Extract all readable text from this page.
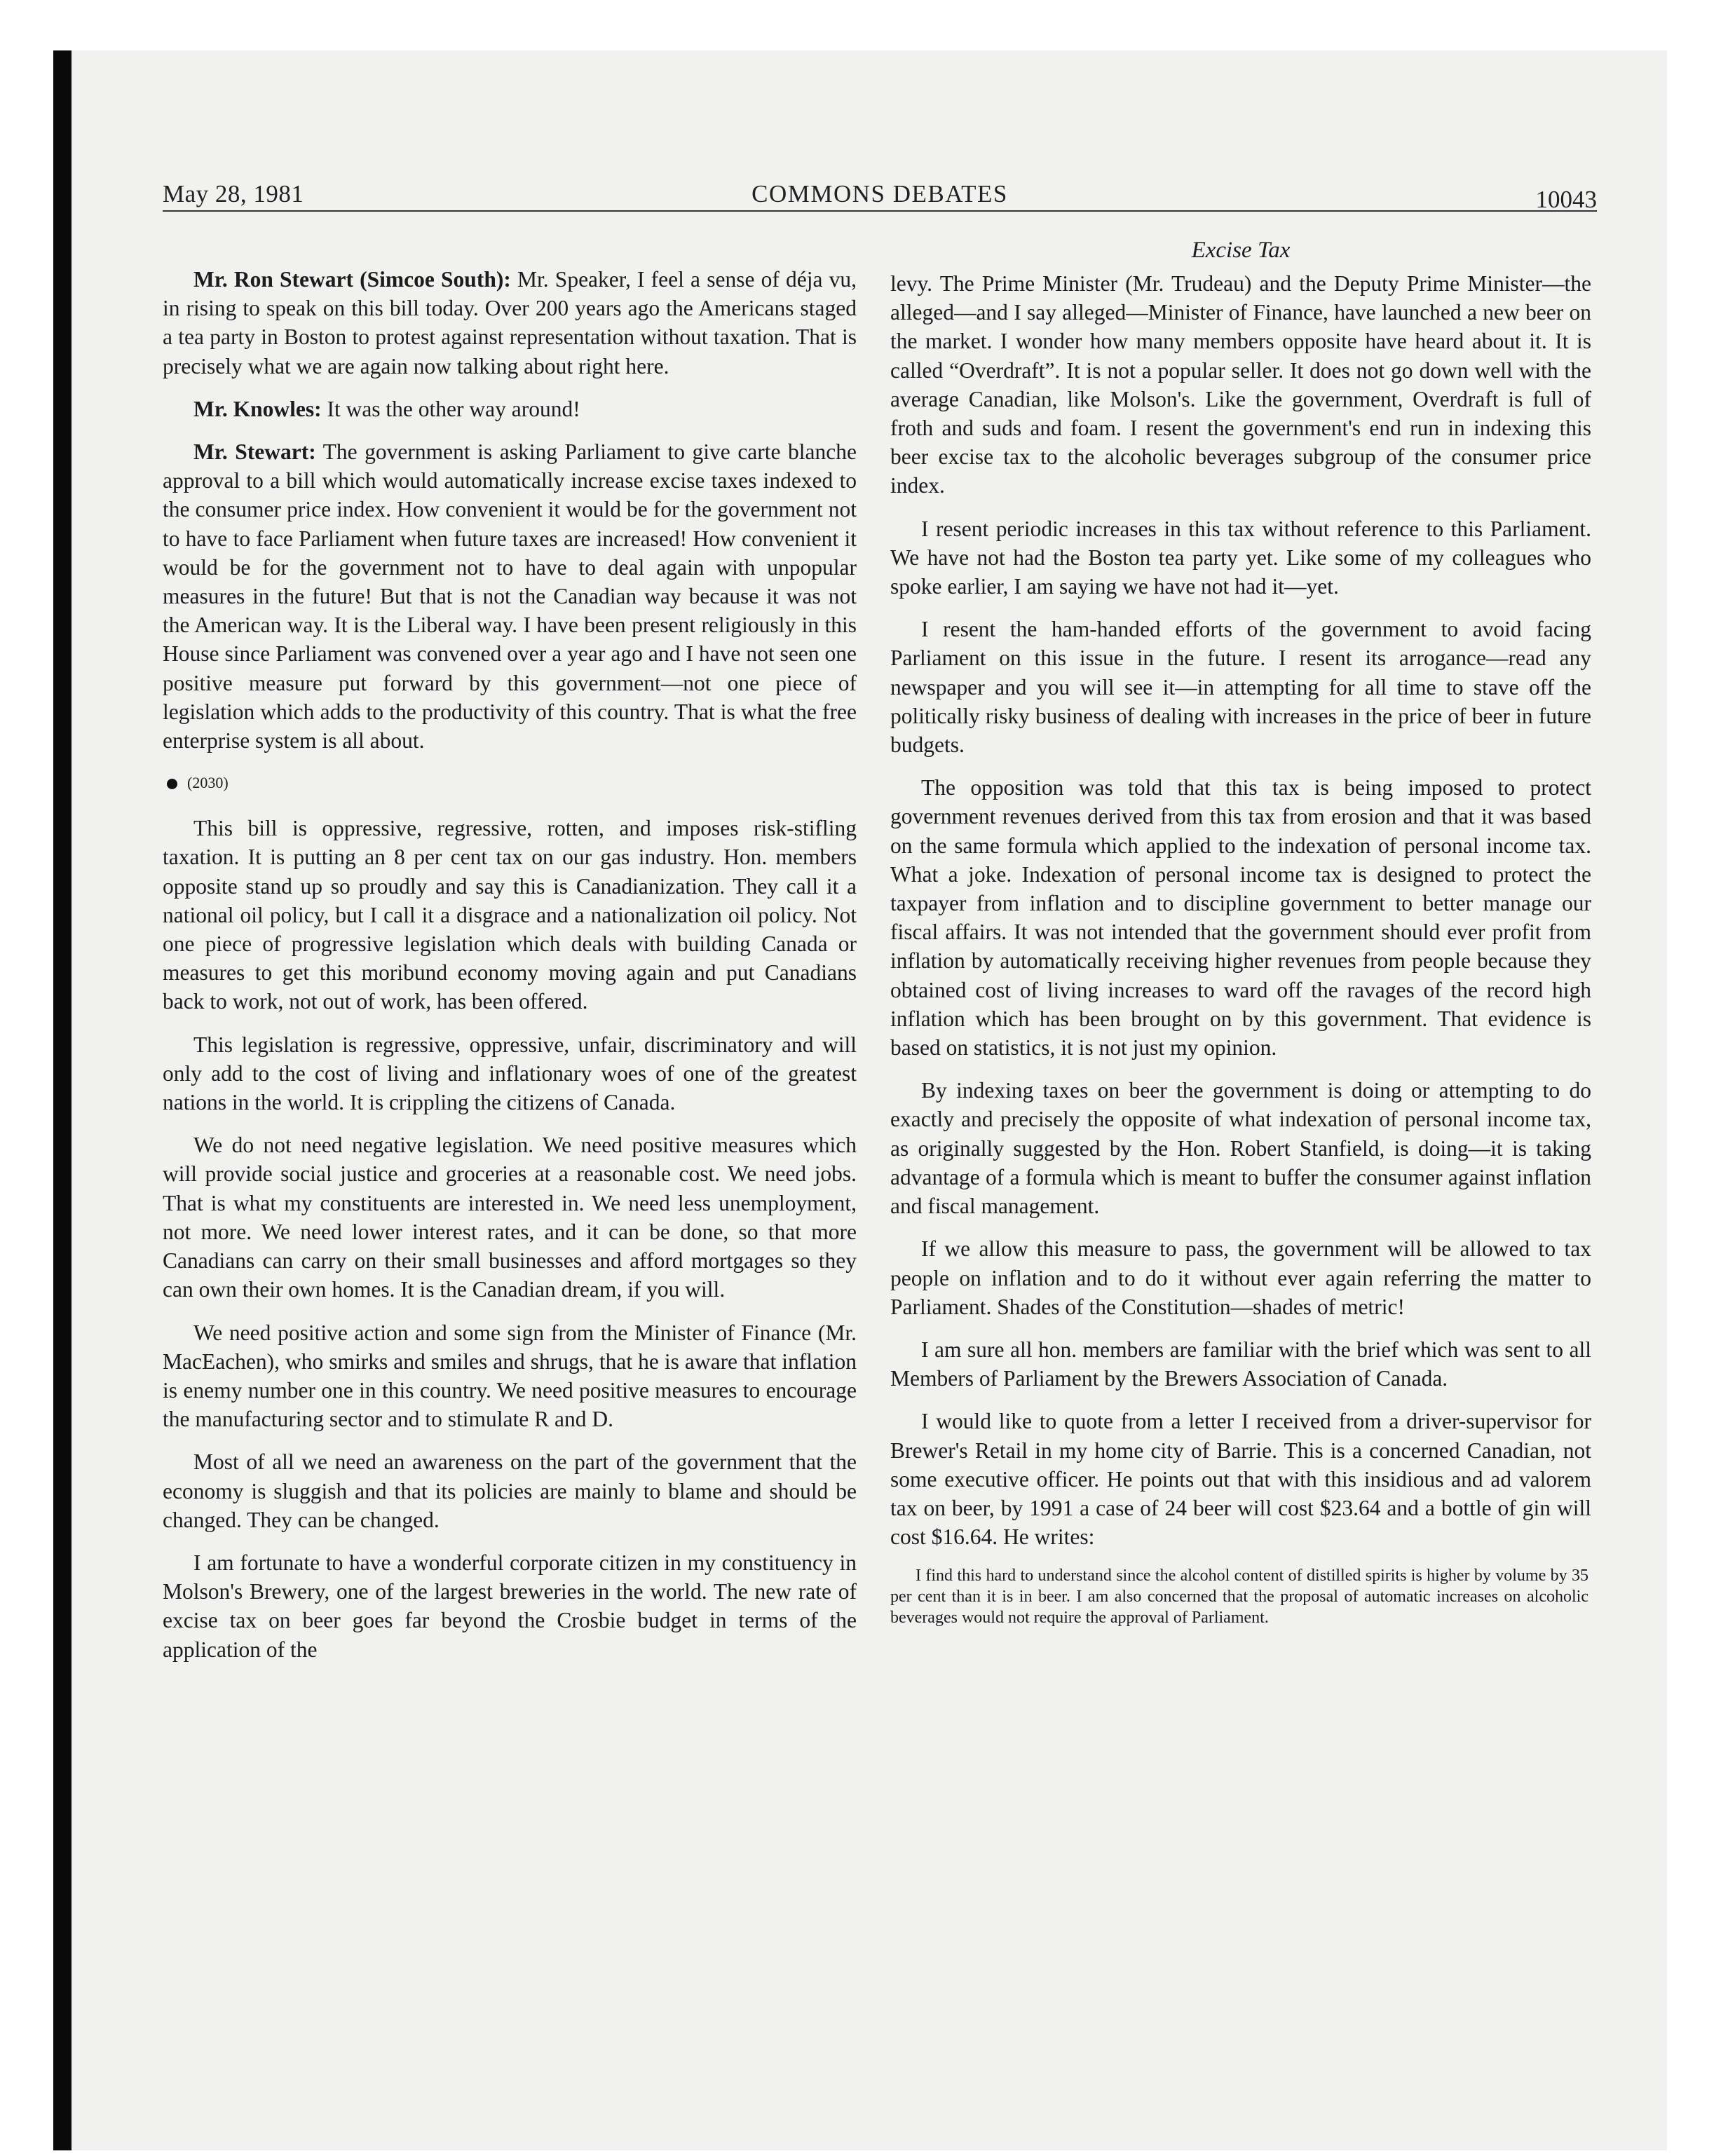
May 28, 1981	COMMONS DEBATES	10043

Mr. Ron Stewart (Simcoe South): Mr. Speaker, I feel a sense of déja vu, in rising to speak on this bill today. Over 200 years ago the Americans staged a tea party in Boston to protest against representation without taxation. That is precisely what we are again now talking about right here.

Mr. Knowles: It was the other way around!

Mr. Stewart: The government is asking Parliament to give carte blanche approval to a bill which would automatically increase excise taxes indexed to the consumer price index. How convenient it would be for the government not to have to face Parliament when future taxes are increased! How convenient it would be for the government not to have to deal again with unpopular measures in the future! But that is not the Canadian way because it was not the American way. It is the Liberal way. I have been present religiously in this House since Parliament was convened over a year ago and I have not seen one positive measure put forward by this government—not one piece of legislation which adds to the productivity of this country. That is what the free enterprise system is all about.

(2030)

This bill is oppressive, regressive, rotten, and imposes risk-stifling taxation. It is putting an 8 per cent tax on our gas industry. Hon. members opposite stand up so proudly and say this is Canadianization. They call it a national oil policy, but I call it a disgrace and a nationalization oil policy. Not one piece of progressive legislation which deals with building Canada or measures to get this moribund economy moving again and put Canadians back to work, not out of work, has been offered.

This legislation is regressive, oppressive, unfair, discriminatory and will only add to the cost of living and inflationary woes of one of the greatest nations in the world. It is crippling the citizens of Canada.

We do not need negative legislation. We need positive measures which will provide social justice and groceries at a reasonable cost. We need jobs. That is what my constituents are interested in. We need less unemployment, not more. We need lower interest rates, and it can be done, so that more Canadians can carry on their small businesses and afford mortgages so they can own their own homes. It is the Canadian dream, if you will.

We need positive action and some sign from the Minister of Finance (Mr. MacEachen), who smirks and smiles and shrugs, that he is aware that inflation is enemy number one in this country. We need positive measures to encourage the manufacturing sector and to stimulate R and D.

Most of all we need an awareness on the part of the government that the economy is sluggish and that its policies are mainly to blame and should be changed. They can be changed.

I am fortunate to have a wonderful corporate citizen in my constituency in Molson's Brewery, one of the largest breweries in the world. The new rate of excise tax on beer goes far beyond the Crosbie budget in terms of the application of the

Excise Tax

levy. The Prime Minister (Mr. Trudeau) and the Deputy Prime Minister—the alleged—and I say alleged—Minister of Finance, have launched a new beer on the market. I wonder how many members opposite have heard about it. It is called “Overdraft”. It is not a popular seller. It does not go down well with the average Canadian, like Molson's. Like the government, Overdraft is full of froth and suds and foam. I resent the government's end run in indexing this beer excise tax to the alcoholic beverages subgroup of the consumer price index.

I resent periodic increases in this tax without reference to this Parliament. We have not had the Boston tea party yet. Like some of my colleagues who spoke earlier, I am saying we have not had it—yet.

I resent the ham-handed efforts of the government to avoid facing Parliament on this issue in the future. I resent its arrogance—read any newspaper and you will see it—in attempting for all time to stave off the politically risky business of dealing with increases in the price of beer in future budgets.

The opposition was told that this tax is being imposed to protect government revenues derived from this tax from erosion and that it was based on the same formula which applied to the indexation of personal income tax. What a joke. Indexation of personal income tax is designed to protect the taxpayer from inflation and to discipline government to better manage our fiscal affairs. It was not intended that the government should ever profit from inflation by automatically receiving higher revenues from people because they obtained cost of living increases to ward off the ravages of the record high inflation which has been brought on by this government. That evidence is based on statistics, it is not just my opinion.

By indexing taxes on beer the government is doing or attempting to do exactly and precisely the opposite of what indexation of personal income tax, as originally suggested by the Hon. Robert Stanfield, is doing—it is taking advantage of a formula which is meant to buffer the consumer against inflation and fiscal management.

If we allow this measure to pass, the government will be allowed to tax people on inflation and to do it without ever again referring the matter to Parliament. Shades of the Constitution—shades of metric!

I am sure all hon. members are familiar with the brief which was sent to all Members of Parliament by the Brewers Association of Canada.

I would like to quote from a letter I received from a driver-supervisor for Brewer's Retail in my home city of Barrie. This is a concerned Canadian, not some executive officer. He points out that with this insidious and ad valorem tax on beer, by 1991 a case of 24 beer will cost $23.64 and a bottle of gin will cost $16.64. He writes:

I find this hard to understand since the alcohol content of distilled spirits is higher by volume by 35 per cent than it is in beer. I am also concerned that the proposal of automatic increases on alcoholic beverages would not require the approval of Parliament.
